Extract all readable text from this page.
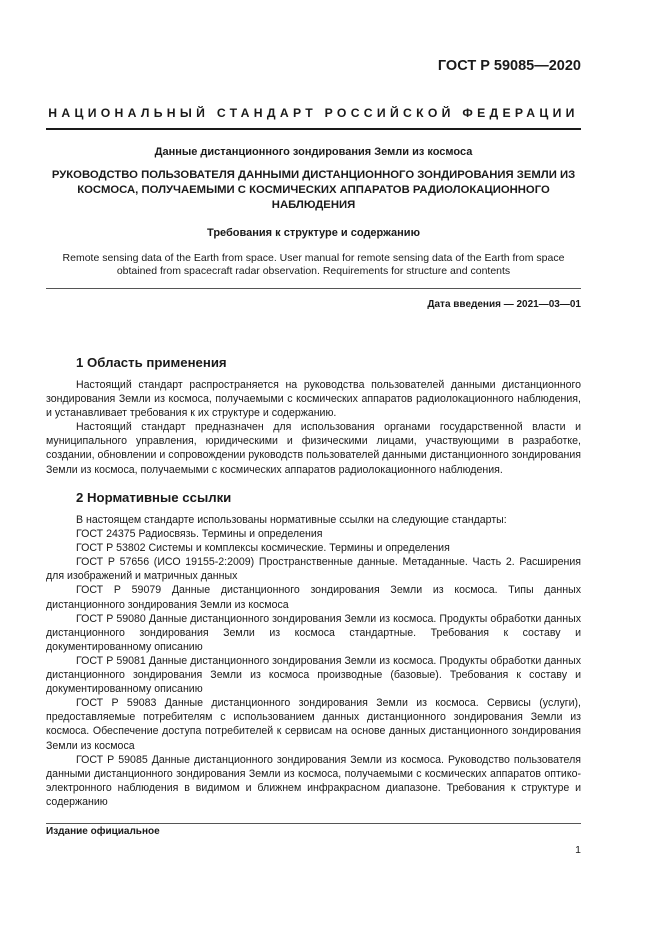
ГОСТ Р 59085—2020
НАЦИОНАЛЬНЫЙ СТАНДАРТ РОССИЙСКОЙ ФЕДЕРАЦИИ
Данные дистанционного зондирования Земли из космоса
РУКОВОДСТВО ПОЛЬЗОВАТЕЛЯ ДАННЫМИ ДИСТАНЦИОННОГО ЗОНДИРОВАНИЯ ЗЕМЛИ ИЗ КОСМОСА, ПОЛУЧАЕМЫМИ С КОСМИЧЕСКИХ АППАРАТОВ РАДИОЛОКАЦИОННОГО НАБЛЮДЕНИЯ
Требования к структуре и содержанию
Remote sensing data of the Earth from space. User manual for remote sensing data of the Earth from space obtained from spacecraft radar observation. Requirements for structure and contents
Дата введения — 2021—03—01
1 Область применения

Настоящий стандарт распространяется на руководства пользователей данными дистанционного зондирования Земли из космоса, получаемыми с космических аппаратов радиолокационного наблюдения, и устанавливает требования к их структуре и содержанию.

Настоящий стандарт предназначен для использования органами государственной власти и муниципального управления, юридическими и физическими лицами, участвующими в разработке, создании, обновлении и сопровождении руководств пользователей данными дистанционного зондирования Земли из космоса, получаемыми с космических аппаратов радиолокационного наблюдения.

2 Нормативные ссылки

В настоящем стандарте использованы нормативные ссылки на следующие стандарты:

ГОСТ 24375 Радиосвязь. Термины и определения

ГОСТ Р 53802 Системы и комплексы космические. Термины и определения

ГОСТ Р 57656 (ИСО 19155-2:2009) Пространственные данные. Метаданные. Часть 2. Расширения для изображений и матричных данных

ГОСТ Р 59079 Данные дистанционного зондирования Земли из космоса. Типы данных дистанционного зондирования Земли из космоса

ГОСТ Р 59080 Данные дистанционного зондирования Земли из космоса. Продукты обработки данных дистанционного зондирования Земли из космоса стандартные. Требования к составу и документированному описанию

ГОСТ Р 59081 Данные дистанционного зондирования Земли из космоса. Продукты обработки данных дистанционного зондирования Земли из космоса производные (базовые). Требования к составу и документированному описанию

ГОСТ Р 59083 Данные дистанционного зондирования Земли из космоса. Сервисы (услуги), предоставляемые потребителям с использованием данных дистанционного зондирования Земли из космоса. Обеспечение доступа потребителей к сервисам на основе данных дистанционного зондирования Земли из космоса

ГОСТ Р 59085 Данные дистанционного зондирования Земли из космоса. Руководство пользователя данными дистанционного зондирования Земли из космоса, получаемыми с космических аппаратов оптико-электронного наблюдения в видимом и ближнем инфракрасном диапазоне. Требования к структуре и содержанию

Издание официальное
1
